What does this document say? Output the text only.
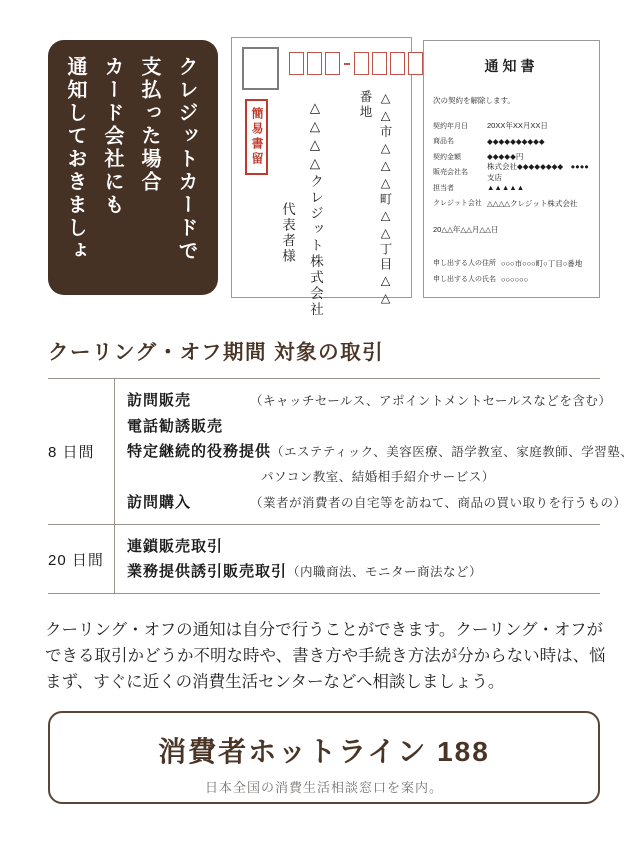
クレジットカードで
支払った場合
カード会社にも
通知しておきましょう
簡易書留	△△市△△△町△△丁目△△番地
△△△△クレジット株式会社
代表者様
通知書
次の契約を解除します。
契約年月日	20XX年XX月XX日
商品名	◆◆◆◆◆◆◆◆◆◆
契約金額	◆◆◆◆◆円
販売会社名
株式会社◆◆◆◆◆◆◆◆　●●●●支店
担当者	▲▲▲▲▲
クレジット会社 △△△△クレジット株式会社
20△△年△△月△△日
申し出する人の住所 ○○○市○○○町○丁目○番地
申し出する人の氏名 ○○○○○○
クーリング・オフ期間 対象の取引
8 日間
訪問販売	（キャッチセールス、アポイントメントセールスなどを含む）
電話勧誘販売
特定継続的役務提供 （エステティック、美容医療、語学教室、家庭教師、学習塾、
パソコン教室、結婚相手紹介サービス）
訪問購入	（業者が消費者の自宅等を訪ねて、商品の買い取りを行うもの）
20 日間
連鎖販売取引
業務提供誘引販売取引 （内職商法、モニター商法など）
クーリング・オフの通知は自分で行うことができます。クーリング・オフが
できる取引かどうか不明な時や、書き方や手続き方法が分からない時は、悩
まず、すぐに近くの消費生活センターなどへ相談しましょう。
消費者ホットライン 188
日本全国の消費生活相談窓口を案内。
